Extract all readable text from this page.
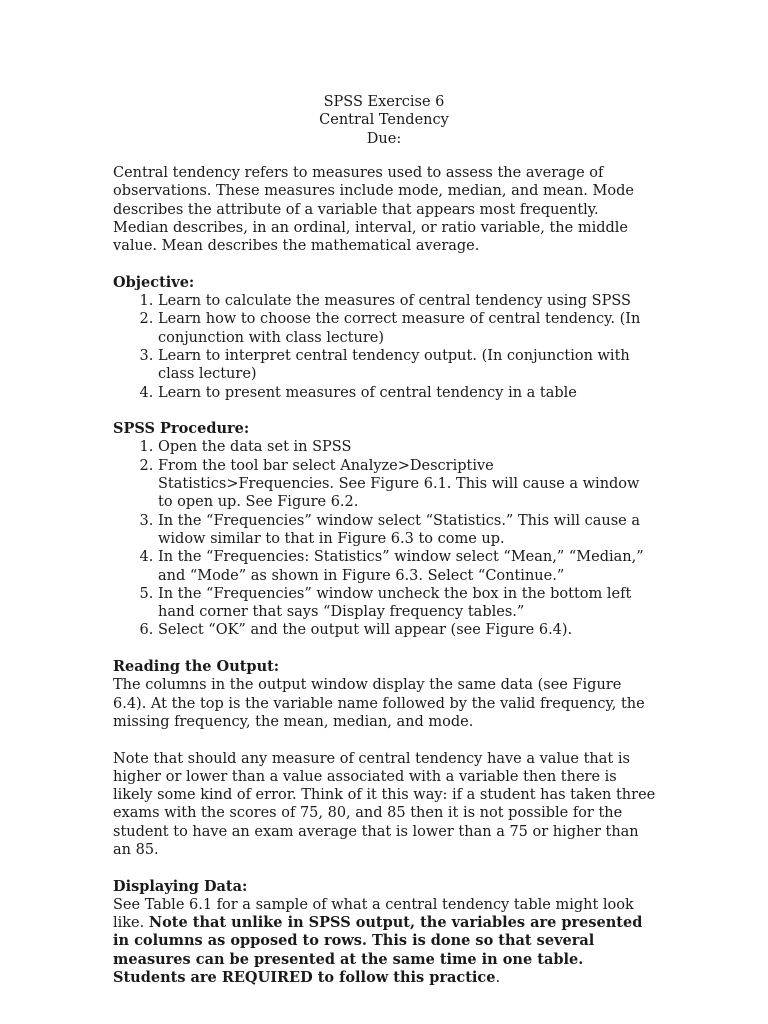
SPSS Exercise 6
Central Tendency
Due:

Central tendency refers to measures used to assess the average of observations. These measures include mode, median, and mean. Mode describes the attribute of a variable that appears most frequently. Median describes, in an ordinal, interval, or ratio variable, the middle value. Mean describes the mathematical average.

Objective:

1. Learn to calculate the measures of central tendency using SPSS
2. Learn how to choose the correct measure of central tendency. (In conjunction with class lecture)
3. Learn to interpret central tendency output. (In conjunction with class lecture)
4. Learn to present measures of central tendency in a table

SPSS Procedure:

1. Open the data set in SPSS
2. From the tool bar select Analyze>Descriptive Statistics>Frequencies. See Figure 6.1. This will cause a window to open up. See Figure 6.2.
3. In the “Frequencies” window select “Statistics.” This will cause a widow similar to that in Figure 6.3 to come up.
4. In the “Frequencies: Statistics” window select “Mean,” “Median,” and “Mode” as shown in Figure 6.3. Select “Continue.”
5. In the “Frequencies” window uncheck the box in the bottom left hand corner that says “Display frequency tables.”
6. Select “OK” and the output will appear (see Figure 6.4).

Reading the Output:

The columns in the output window display the same data (see Figure 6.4). At the top is the variable name followed by the valid frequency, the missing frequency, the mean, median, and mode.

Note that should any measure of central tendency have a value that is higher or lower than a value associated with a variable then there is likely some kind of error. Think of it this way: if a student has taken three exams with the scores of 75, 80, and 85 then it is not possible for the student to have an exam average that is lower than a 75 or higher than an 85.

Displaying Data:

See Table 6.1 for a sample of what a central tendency table might look like. Note that unlike in SPSS output, the variables are presented in columns as opposed to rows. This is done so that several measures can be presented at the same time in one table. Students are REQUIRED to follow this practice.
